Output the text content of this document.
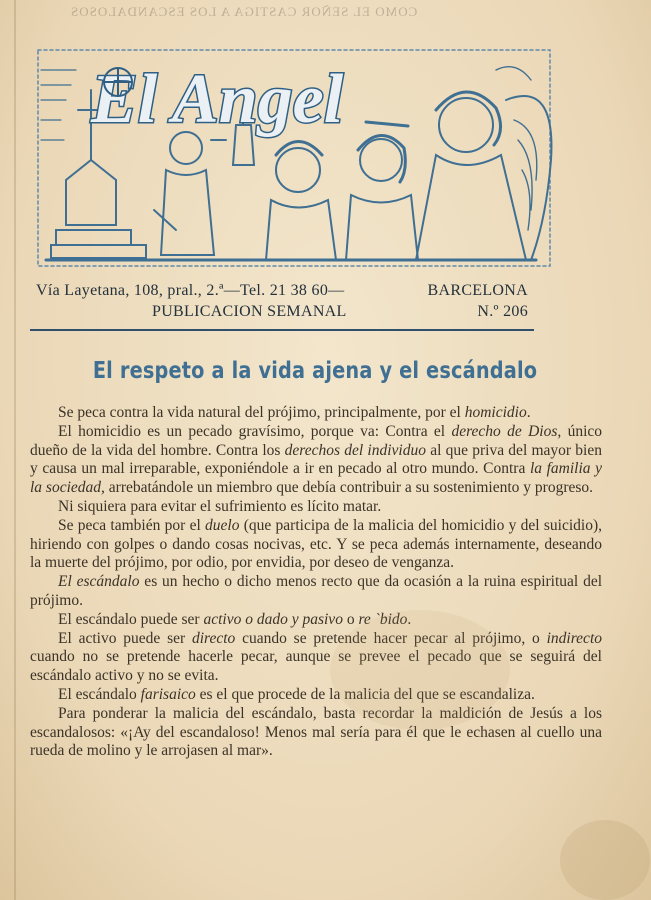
COMO EL SEÑOR CASTIGA A LOS ESCANDALOSOS
El Angel
Vía Layetana, 108, pral., 2.ª—Tel. 21 38 60—	BARCELONA
PUBLICACION SEMANAL	N.º 206
El respeto a la vida ajena y el escándalo

Se peca contra la vida natural del prójimo, principalmente, por el homicidio.

El homicidio es un pecado gravísimo, porque va: Contra el derecho de Dios, único dueño de la vida del hombre. Contra los derechos del individuo al que priva del mayor bien y causa un mal irreparable, exponiéndole a ir en pecado al otro mundo. Contra la familia y la sociedad, arrebatándole un miembro que debía contribuir a su sostenimiento y progreso.

Ni siquiera para evitar el sufrimiento es lícito matar.

Se peca también por el duelo (que participa de la malicia del homicidio y del suicidio), hiriendo con golpes o dando cosas nocivas, etc. Y se peca además internamente, deseando la muerte del prójimo, por odio, por envidia, por deseo de venganza.

El escándalo es un hecho o dicho menos recto que da ocasión a la ruina espiritual del prójimo.

El escándalo puede ser activo o dado y pasivo o re `bido.

El activo puede ser directo cuando se pretende hacer pecar al prójimo, o indirecto cuando no se pretende hacerle pecar, aunque se prevee el pecado que se seguirá del escándalo activo y no se evita.

El escándalo farisaico es el que procede de la malicia del que se escandaliza.

Para ponderar la malicia del escándalo, basta recordar la maldición de Jesús a los escandalosos: «¡Ay del escandaloso! Menos mal sería para él que le echasen al cuello una rueda de molino y le arrojasen al mar».
